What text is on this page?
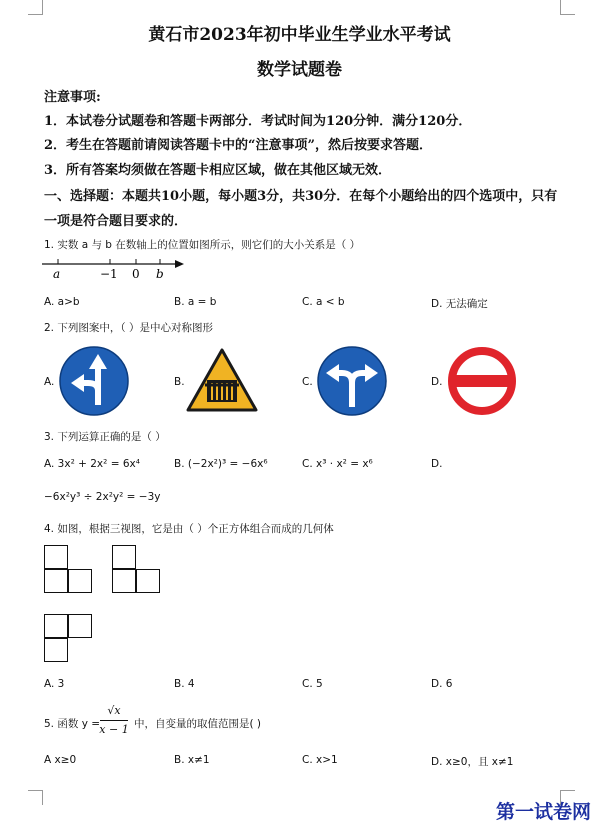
黄石市2023年初中毕业生学业水平考试
数学试题卷
注意事项:
1．本试卷分试题卷和答题卡两部分．考试时间为120分钟．满分120分．
2．考生在答题前请阅读答题卡中的“注意事项”，然后按要求答题．
3．所有答案均须做在答题卡相应区域，做在其他区域无效．
一、选择题：本题共10小题，每小题3分，共30分．在每个小题给出的四个选项中，只有
一项是符合题目要求的．
1. 实数 a 与 b 在数轴上的位置如图所示，则它们的大小关系是（ ）
a	−1 0 b
A. a>b	B. a = b	C. a < b	D. 无法确定
2. 下列图案中，（ ）是中心对称图形
A.	B.	C.	D.
3. 下列运算正确的是（ ）
A. 3x² + 2x² = 6x⁴	B. (−2x²)³ = −6x⁶	C. x³ · x² = x⁶	D.
−6x²y³ ÷ 2x²y² = −3y
4. 如图，根据三视图，它是由（ ）个正方体组合而成的几何体
A. 3	B. 4	C. 5	D. 6
5. 函数 y =
√x
x − 1 中，自变量的取值范围是( )
A x≥0	B. x≠1	C. x>1	D. x≥0，且 x≠1
第一试卷网
